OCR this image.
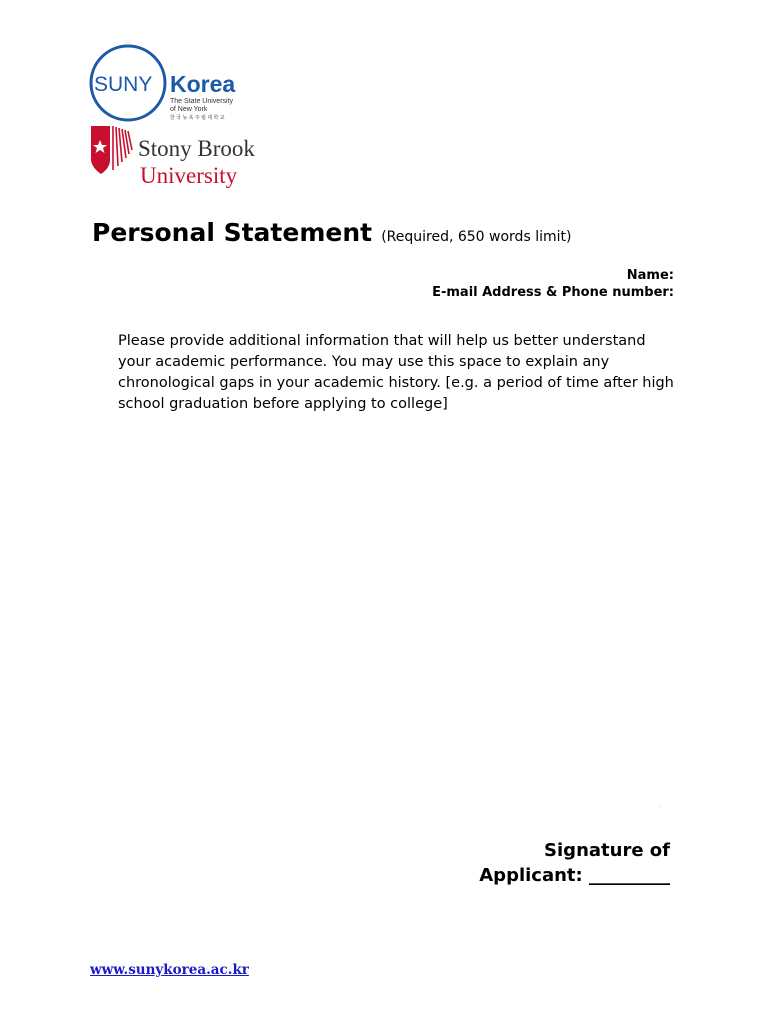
SUNY Korea
The State University
of New York
한 국 뉴 욕 주 립 대 학 교
Stony Brook
University
Personal Statement (Required, 650 words limit)
Name:
E-mail Address & Phone number:
Please provide additional information that will help us better understand your academic performance. You may use this space to explain any chronological gaps in your academic history. [e.g. a period of time after high school graduation before applying to college]
·
Signature of
Applicant: _________
www.sunykorea.ac.kr
